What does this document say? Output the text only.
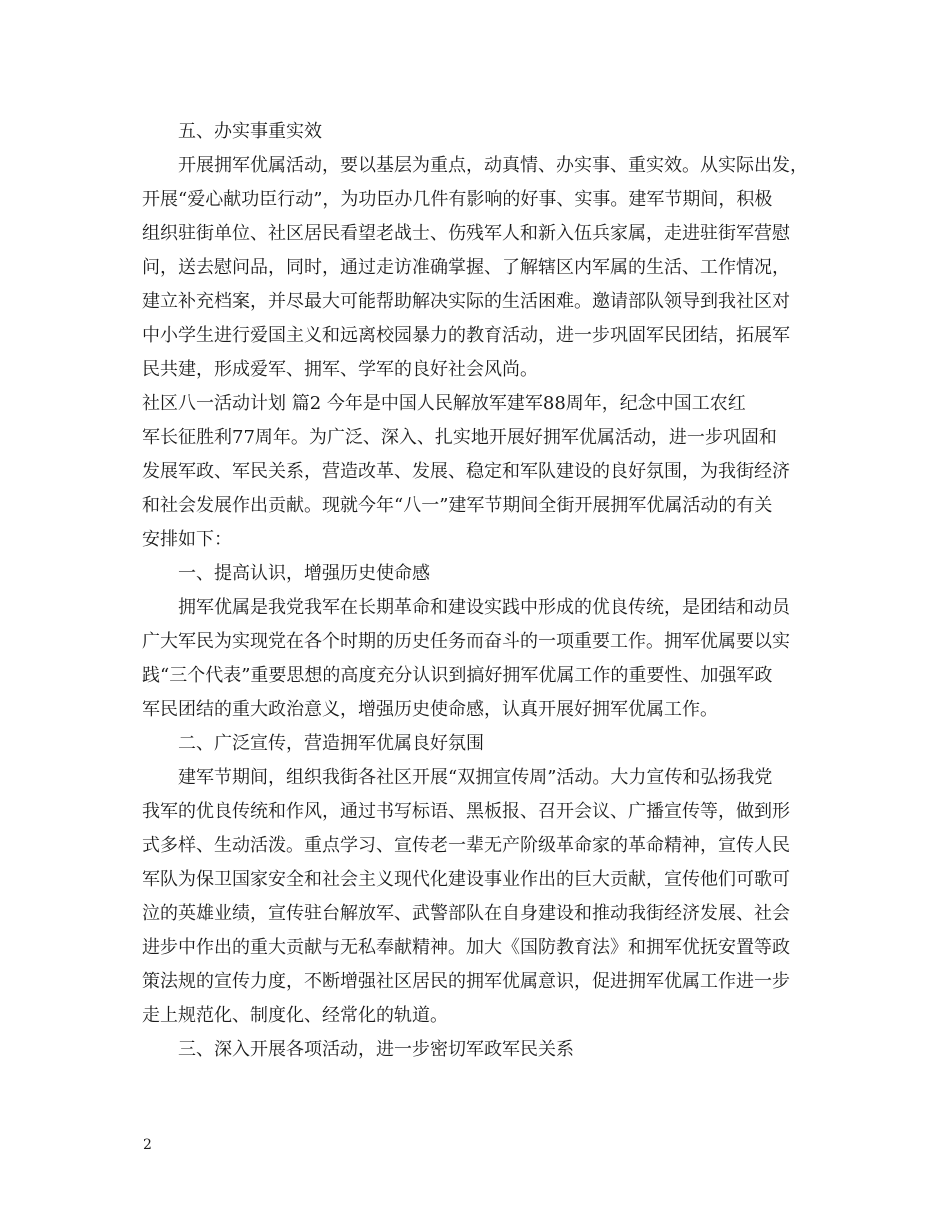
五、办实事重实效
开展拥军优属活动，要以基层为重点，动真情、办实事、重实效。从实际出发，
开展“爱心献功臣行动”，为功臣办几件有影响的好事、实事。建军节期间，积极
组织驻街单位、社区居民看望老战士、伤残军人和新入伍兵家属，走进驻街军营慰
问，送去慰问品，同时，通过走访准确掌握、了解辖区内军属的生活、工作情况，
建立补充档案，并尽最大可能帮助解决实际的生活困难。邀请部队领导到我社区对
中小学生进行爱国主义和远离校园暴力的教育活动，进一步巩固军民团结，拓展军
民共建，形成爱军、拥军、学军的良好社会风尚。
社区八一活动计划 篇2 今年是中国人民解放军建军88周年，纪念中国工农红
军长征胜利77周年。为广泛、深入、扎实地开展好拥军优属活动，进一步巩固和
发展军政、军民关系，营造改革、发展、稳定和军队建设的良好氛围，为我街经济
和社会发展作出贡献。现就今年“八一”建军节期间全街开展拥军优属活动的有关
安排如下：
一、提高认识，增强历史使命感
拥军优属是我党我军在长期革命和建设实践中形成的优良传统，是团结和动员
广大军民为实现党在各个时期的历史任务而奋斗的一项重要工作。拥军优属要以实
践“三个代表”重要思想的高度充分认识到搞好拥军优属工作的重要性、加强军政
军民团结的重大政治意义，增强历史使命感，认真开展好拥军优属工作。
二、广泛宣传，营造拥军优属良好氛围
建军节期间，组织我街各社区开展“双拥宣传周”活动。大力宣传和弘扬我党
我军的优良传统和作风，通过书写标语、黑板报、召开会议、广播宣传等，做到形
式多样、生动活泼。重点学习、宣传老一辈无产阶级革命家的革命精神，宣传人民
军队为保卫国家安全和社会主义现代化建设事业作出的巨大贡献，宣传他们可歌可
泣的英雄业绩，宣传驻台解放军、武警部队在自身建设和推动我街经济发展、社会
进步中作出的重大贡献与无私奉献精神。加大《国防教育法》和拥军优抚安置等政
策法规的宣传力度，不断增强社区居民的拥军优属意识，促进拥军优属工作进一步
走上规范化、制度化、经常化的轨道。
三、深入开展各项活动，进一步密切军政军民关系
2
